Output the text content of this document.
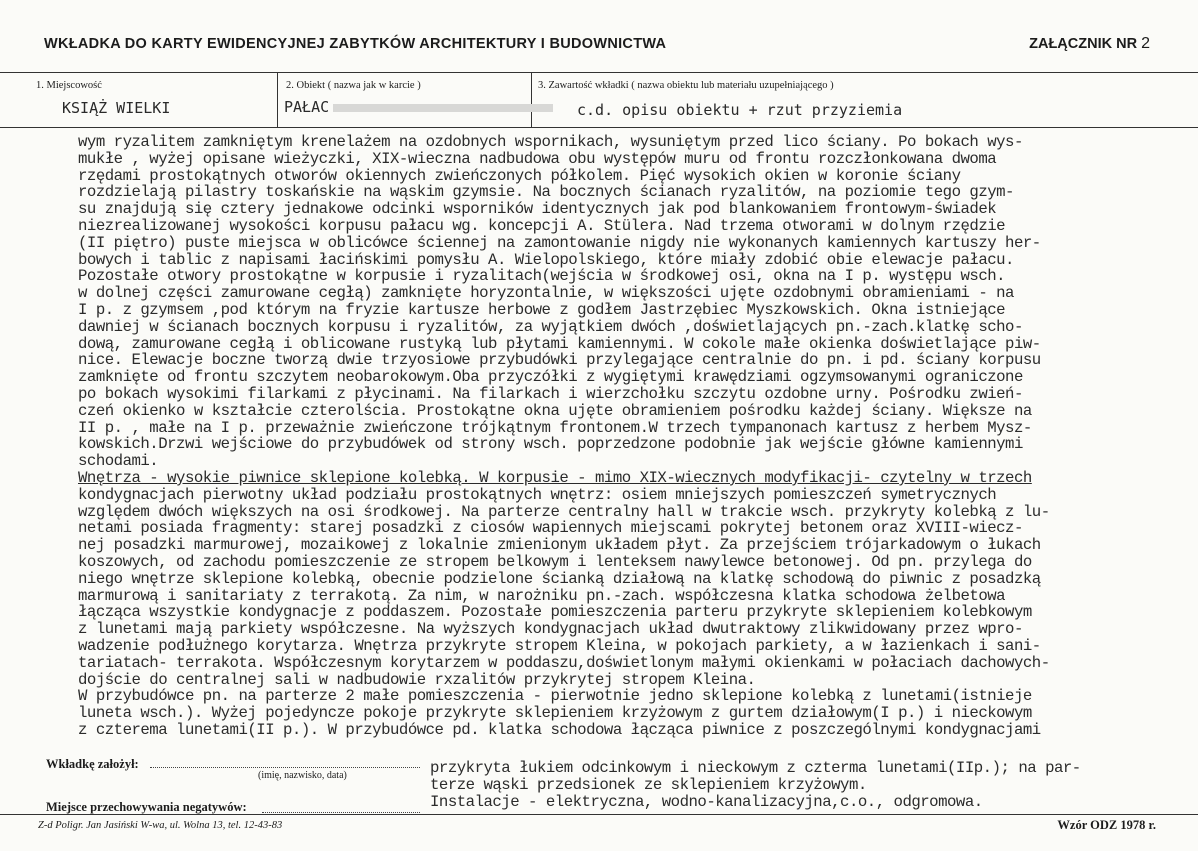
WKŁADKA DO KARTY EWIDENCYJNEJ ZABYTKÓW ARCHITEKTURY I BUDOWNICTWA	ZAŁĄCZNIK NR 2
1. Miejscowość
KSIĄŻ WIELKI
2. Obiekt ( nazwa jak w karcie )
PAŁAC
3. Zawartość wkładki ( nazwa obiektu lub materiału uzupełniającego )
c.d. opisu obiektu + rzut przyziemia
wym ryzalitem zamkniętym krenelażem na ozdobnych wspornikach, wysuniętym przed lico ściany. Po bokach wys-
mukłe , wyżej opisane wieżyczki, XIX-wieczna nadbudowa obu występów muru od frontu rozczłonkowana dwoma
rzędami prostokątnych otworów okiennych zwieńczonych półkolem. Pięć wysokich okien w koronie ściany
rozdzielają pilastry toskańskie na wąskim gzymsie. Na bocznych ścianach ryzalitów, na poziomie tego gzym-
su znajdują się cztery jednakowe odcinki wsporników identycznych jak pod blankowaniem frontowym-świadek
niezrealizowanej wysokości korpusu pałacu wg. koncepcji A. Stülera. Nad trzema otworami w dolnym rzędzie
(II piętro) puste miejsca w oblicówce ściennej na zamontowanie nigdy nie wykonanych kamiennych kartuszy her-
bowych i tablic z napisami łacińskimi pomysłu A. Wielopolskiego, które miały zdobić obie elewacje pałacu.
Pozostałe otwory prostokątne w korpusie i ryzalitach(wejścia w środkowej osi, okna na I p. występu wsch.
w dolnej części zamurowane cegłą) zamknięte horyzontalnie, w większości ujęte ozdobnymi obramieniami - na
I p. z gzymsem ,pod którym na fryzie kartusze herbowe z godłem Jastrzębiec Myszkowskich. Okna istniejące
dawniej w ścianach bocznych korpusu i ryzalitów, za wyjątkiem dwóch ,doświetlających pn.-zach.klatkę scho-
dową, zamurowane cegłą i oblicowane rustyką lub płytami kamiennymi. W cokole małe okienka doświetlające piw-
nice. Elewacje boczne tworzą dwie trzyosiowe przybudówki przylegające centralnie do pn. i pd. ściany korpusu
zamknięte od frontu szczytem neobarokowym.Oba przyczółki z wygiętymi krawędziami ogzymsowanymi ograniczone
po bokach wysokimi filarkami z płycinami. Na filarkach i wierzchołku szczytu ozdobne urny. Pośrodku zwień-
czeń okienko w kształcie czterolścia. Prostokątne okna ujęte obramieniem pośrodku każdej ściany. Większe na
II p. , małe na I p. przeważnie zwieńczone trójkątnym frontonem.W trzech tympanonach kartusz z herbem Mysz-
kowskich.Drzwi wejściowe do przybudówek od strony wsch. poprzedzone podobnie jak wejście główne kamiennymi
schodami.
Wnętrza - wysokie piwnice sklepione kolebką. W korpusie - mimo XIX-wiecznych modyfikacji- czytelny w trzech
kondygnacjach pierwotny układ podziału prostokątnych wnętrz: osiem mniejszych pomieszczeń symetrycznych
względem dwóch większych na osi środkowej. Na parterze centralny hall w trakcie wsch. przykryty kolebką z lu-
netami posiada fragmenty: starej posadzki z ciosów wapiennych miejscami pokrytej betonem oraz XVIII-wiecz-
nej posadzki marmurowej, mozaikowej z lokalnie zmienionym układem płyt. Za przejściem trójarkadowym o łukach
koszowych, od zachodu pomieszczenie ze stropem belkowym i lenteksem nawylewce betonowej. Od pn. przylega do
niego wnętrze sklepione kolebką, obecnie podzielone ścianką działową na klatkę schodową do piwnic z posadzką
marmurową i sanitariaty z terrakotą. Za nim, w narożniku pn.-zach. współczesna klatka schodowa żelbetowa
łącząca wszystkie kondygnacje z poddaszem. Pozostałe pomieszczenia parteru przykryte sklepieniem kolebkowym
z lunetami mają parkiety współczesne. Na wyższych kondygnacjach układ dwutraktowy zlikwidowany przez wpro-
wadzenie podłużnego korytarza. Wnętrza przykryte stropem Kleina, w pokojach parkiety, a w łazienkach i sani-
tariatach- terrakota. Współczesnym korytarzem w poddaszu,doświetlonym małymi okienkami w połaciach dachowych-
dojście do centralnej sali w nadbudowie rxzalitów przykrytej stropem Kleina.
W przybudówce pn. na parterze 2 małe pomieszczenia - pierwotnie jedno sklepione kolebką z lunetami(istnieje
luneta wsch.). Wyżej pojedyncze pokoje przykryte sklepieniem krzyżowym z gurtem działowym(I p.) i nieckowym
z czterema lunetami(II p.). W przybudówce pd. klatka schodowa łącząca piwnice z poszczególnymi kondygnacjami
Wkładkę założył:
(imię, nazwisko, data)
Miejsce przechowywania negatywów:
przykryta łukiem odcinkowym i nieckowym z czterma lunetami(IIp.); na par-
terze wąski przedsionek ze sklepieniem krzyżowym.
Instalacje - elektryczna, wodno-kanalizacyjna,c.o., odgromowa.
Z-d Poligr. Jan Jasiński W-wa, ul. Wolna 13, tel. 12-43-83	Wzór ODZ 1978 r.
